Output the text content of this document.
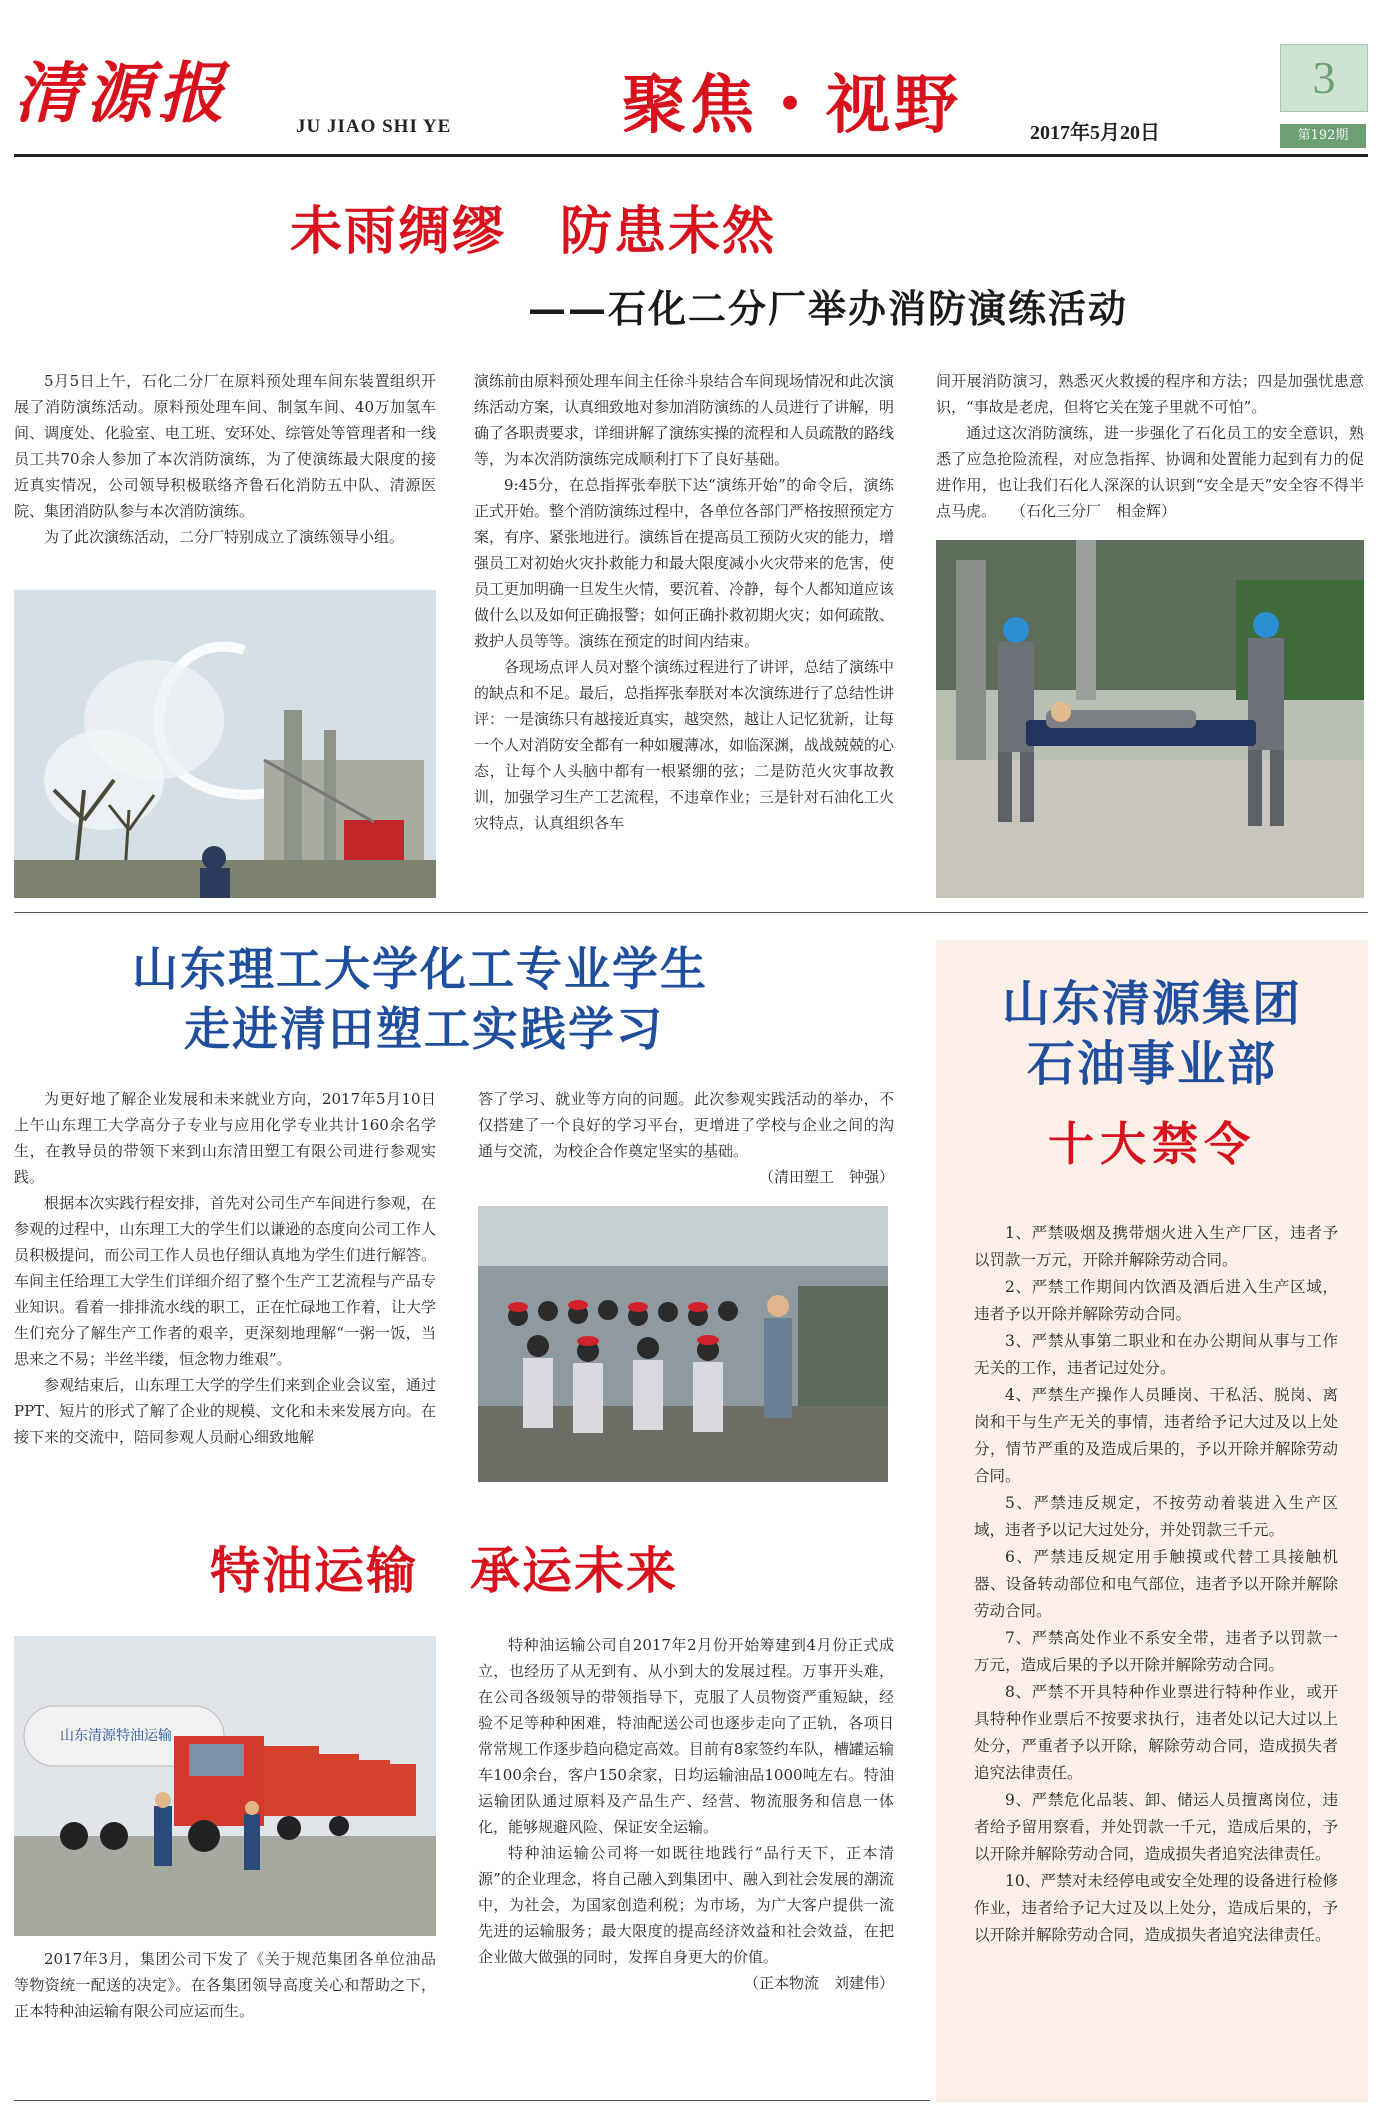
清源报	JU JIAO SHI YE	聚焦・视野	2017年5月20日
3
第192期
未雨绸缪　防患未然
——石化二分厂举办消防演练活动

5月5日上午，石化二分厂在原料预处理车间东装置组织开展了消防演练活动。原料预处理车间、制氢车间、40万加氢车间、调度处、化验室、电工班、安环处、综管处等管理者和一线员工共70余人参加了本次消防演练，为了使演练最大限度的接近真实情况，公司领导积极联络齐鲁石化消防五中队、清源医院、集团消防队参与本次消防演练。

为了此次演练活动，二分厂特别成立了演练领导小组。

演练前由原料预处理车间主任徐斗泉结合车间现场情况和此次演练活动方案，认真细致地对参加消防演练的人员进行了讲解，明确了各职责要求，详细讲解了演练实操的流程和人员疏散的路线等，为本次消防演练完成顺利打下了良好基础。

9:45分，在总指挥张奉朕下达“演练开始”的命令后，演练正式开始。整个消防演练过程中，各单位各部门严格按照预定方案，有序、紧张地进行。演练旨在提高员工预防火灾的能力，增强员工对初始火灾扑救能力和最大限度减小火灾带来的危害，使员工更加明确一旦发生火情，要沉着、冷静，每个人都知道应该做什么以及如何正确报警；如何正确扑救初期火灾；如何疏散、救护人员等等。演练在预定的时间内结束。

各现场点评人员对整个演练过程进行了讲评，总结了演练中的缺点和不足。最后，总指挥张奉朕对本次演练进行了总结性讲评：一是演练只有越接近真实，越突然，越让人记忆犹新，让每一个人对消防安全都有一种如履薄冰，如临深渊，战战兢兢的心态，让每个人头脑中都有一根紧绷的弦；二是防范火灾事故教训，加强学习生产工艺流程，不违章作业；三是针对石油化工火灾特点，认真组织各车

间开展消防演习，熟悉灭火救援的程序和方法；四是加强忧患意识，“事故是老虎，但将它关在笼子里就不可怕”。

通过这次消防演练，进一步强化了石化员工的安全意识，熟悉了应急抢险流程，对应急指挥、协调和处置能力起到有力的促进作用，也让我们石化人深深的认识到“安全是天”安全容不得半点马虎。　　（石化三分厂　相金辉）

山东理工大学化工专业学生
走进清田塑工实践学习

为更好地了解企业发展和未来就业方向，2017年5月10日上午山东理工大学高分子专业与应用化学专业共计160余名学生，在教导员的带领下来到山东清田塑工有限公司进行参观实践。

根据本次实践行程安排，首先对公司生产车间进行参观，在参观的过程中，山东理工大的学生们以谦逊的态度向公司工作人员积极提问，而公司工作人员也仔细认真地为学生们进行解答。车间主任给理工大学生们详细介绍了整个生产工艺流程与产品专业知识。看着一排排流水线的职工，正在忙碌地工作着，让大学生们充分了解生产工作者的艰辛，更深刻地理解“一粥一饭，当思来之不易；半丝半缕，恒念物力维艰”。

参观结束后，山东理工大学的学生们来到企业会议室，通过PPT、短片的形式了解了企业的规模、文化和未来发展方向。在接下来的交流中，陪同参观人员耐心细致地解

答了学习、就业等方向的问题。此次参观实践活动的举办，不仅搭建了一个良好的学习平台，更增进了学校与企业之间的沟通与交流，为校企合作奠定坚实的基础。

（清田塑工　钟强）

特油运输　承运未来
山东清源特油运输

2017年3月，集团公司下发了《关于规范集团各单位油品等物资统一配送的决定》。在各集团领导高度关心和帮助之下，正本特种油运输有限公司应运而生。

特种油运输公司自2017年2月份开始筹建到4月份正式成立，也经历了从无到有、从小到大的发展过程。万事开头难，在公司各级领导的带领指导下，克服了人员物资严重短缺，经验不足等种种困难，特油配送公司也逐步走向了正轨，各项日常常规工作逐步趋向稳定高效。目前有8家签约车队，槽罐运输车100余台，客户150余家，日均运输油品1000吨左右。特油运输团队通过原料及产品生产、经营、物流服务和信息一体化，能够规避风险、保证安全运输。

特种油运输公司将一如既往地践行“品行天下，正本清源”的企业理念，将自己融入到集团中、融入到社会发展的潮流中，为社会，为国家创造利税；为市场，为广大客户提供一流先进的运输服务；最大限度的提高经济效益和社会效益，在把企业做大做强的同时，发挥自身更大的价值。

（正本物流　刘建伟）

山东清源集团
石油事业部
十大禁令

1、严禁吸烟及携带烟火进入生产厂区，违者予以罚款一万元，开除并解除劳动合同。

2、严禁工作期间内饮酒及酒后进入生产区域，违者予以开除并解除劳动合同。

3、严禁从事第二职业和在办公期间从事与工作无关的工作，违者记过处分。

4、严禁生产操作人员睡岗、干私活、脱岗、离岗和干与生产无关的事情，违者给予记大过及以上处分，情节严重的及造成后果的，予以开除并解除劳动合同。

5、严禁违反规定，不按劳动着装进入生产区域，违者予以记大过处分，并处罚款三千元。

6、严禁违反规定用手触摸或代替工具接触机器、设备转动部位和电气部位，违者予以开除并解除劳动合同。

7、严禁高处作业不系安全带，违者予以罚款一万元，造成后果的予以开除并解除劳动合同。

8、严禁不开具特种作业票进行特种作业，或开具特种作业票后不按要求执行，违者处以记大过以上处分，严重者予以开除，解除劳动合同，造成损失者追究法律责任。

9、严禁危化品装、卸、储运人员擅离岗位，违者给予留用察看，并处罚款一千元，造成后果的，予以开除并解除劳动合同，造成损失者追究法律责任。

10、严禁对未经停电或安全处理的设备进行检修作业，违者给予记大过及以上处分，造成后果的，予以开除并解除劳动合同，造成损失者追究法律责任。
